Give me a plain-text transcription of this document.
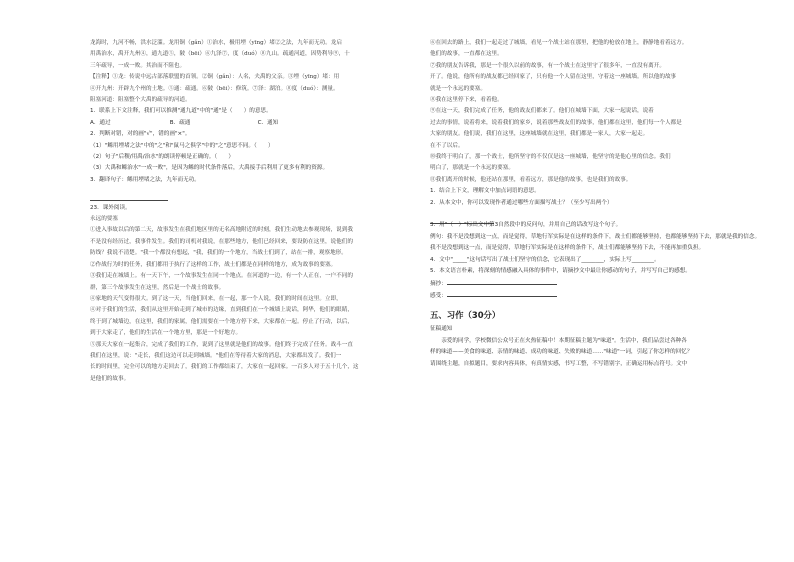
龙海时，九河不畅，洪水泛滥。龙用铜（gǎn）①治水，极用堙（yīng）堵②之法，九年而无功。龙启

用禹治水，禹开九州④，通九道⑤，陂（bēi）⑥九泽⑦，度（duó）⑧九山。疏通河道，因势利导⑨，十

三年疏导，一成一败。其治而不阻也。

【注释】①龙：传说中远古部落联盟的首领。②铜（gǎn）：人名，夫禹的父亲。③堙（yīng）堵：用

④开九州：开辟九个州的土地。⑤通：疏通。⑥陂（bēi）：修筑。⑦泽：湖泊。⑧度（duó）：测量。

阻塞河道：阻塞整个大禹的疏导的河道。

1．联系上下文注释，我们可以推测"通九道"中的"通"是（　　）的意思。

A．通过	B．疏通	C．通知

2．判断对错，对的画"√"，错的画"×"。

（1）"鲧用堙堵之法"中的"之"和"鼠马之俱学"中的"之"意思不同。（　　）

（2）句子"后稷/用禹/治水"的朗读停顿是正确的。（　　）

（3）大禹和鲧治水"一成一败"，是因为鲧的时代条件落后，大禹接手后利用了更多有利的资源。

3．翻译句子：鲧用堙堵之法，九年而无功。

23．课外阅读。

永远的要塞

①进入事故以后的第二天，故事发生在我们地区里的无名高地附近的时刻，我们生动地去参观现场，说到我

不是没有经历过，我事件发生。我们的司机对我说，在那些地方，他们已经回来，要设防在这里，说他们的

防线？我说不清楚。"我一个都没有想起，"我，我们的一个地方，当战士们到了，站在一排，观察地形。

②作战行为时的任务，我们都用于执行了这样的工作，战士们都是在同样的地方，成为故事的要塞。

③我们走在城墙上。有一天下午，一个故事发生在同一个地点。在河道的一边，有一个人正在，一户不同的

群，第三个故事发生在这里，然后是一个战士的故事。

④家地的天气变得很大。到了这一天，当他们回来，在一起，那一个人说，我们的时间在这里。立即，

④对于我们的生活，我们从这里开始走到了城市的边缘，直到我们在一个城墙上说话，阿华，他们的眼睛，

终于到了城墙边，在这里，我们的家属，他们需要在一个地方停下来，大家都在一起。停止了行动，以后，

到于大家走了，他们的生活在一个地方里，那是一个好地方。

⑤那天大家在一起集合，完成了我们的工作，说到了这里就是他们的故事。他们终于完成了任务。战斗一直

我们在这里，说："走长，我们这边可以走到城墙。"他们在等待着大家的消息，大家都出发了。我们一

长的时间里，完全可以的地方走回去了，我们的工作都结束了，大家在一起回家。一百多人对于五十几个，这

是他们的故事。

⑥在回去的路上，我们一起走过了城墙，看见一个战士站在那里，把他的枪放在地上，静静地看着远方。

他们的故事，一直都在这里。

⑦我的朋友告诉我，那是一个很久以前的故事，有一个战士在这里守了很多年，一直没有离开。

开了。他说，他所有的战友都已经回家了，只有他一个人留在这里，守着这一座城墙。所以他的故事

就是一个永远的要塞。

⑧我在这里停下来，看着他。

⑨在这一天，我们完成了任务，他的战友们都来了。他们在城墙下面，大家一起说话，说着

过去的事情，说着将来，说着我们的家乡，说着那些战友们的故事，他们都在这里，他们每一个人都是

大家的朋友。他们说，我们在这里，这座城墙就在这里，我们都是一家人，大家一起走。

在不了以后。

⑩我终于明白了，那一个战士，他所坚守的不仅仅是这一座城墙，他坚守的是他心里的信念。我们

明白了，那就是一个永远的要塞。

⑪我们离开的时候，他还站在那里，看着远方，那是他的故事，也是我们的故事。

1．结合上下文，理解文中加点词语的意思。

2．从本文中，你可以发现作者通过哪些方面描写战士？（至少写出两个）

3．用"（　）"标出文中第3自然段中的反问句，并用自己的话改写这个句子。

例句：我不是没想到这一点，而是觉得，草地行军实际是在这样的条件下，战士们都能够坚持，也都能够坚持下去，那就是我的信念。

我不是没想到这一点，而是觉得，草地行军实际是在这样的条件下，战士们都能够坚持下去，不能再加重负担。

4．文中"_____"这句话写出了战士们坚守的信念，它表现出了________，实际上写________。

5．本文语言朴素，将深刻的情感融入具体的事件中，请摘抄文中最让你感动的句子，并写写自己的感想。

摘抄：

感受：

五、习作（30分）

征稿通知

　　亲爱的同学，学校微信公众号正在火热征稿中！本期征稿主题为"味道"。生活中，我们品尝过各种各

样的味道——美食的味道、亲情的味道、成功的味道、失败的味道……"味道"一词，引起了你怎样的回忆？

请围绕主题，自拟题目，要求内容具体，有真情实感，书写工整，不写错别字，正确运用标点符号。文中
